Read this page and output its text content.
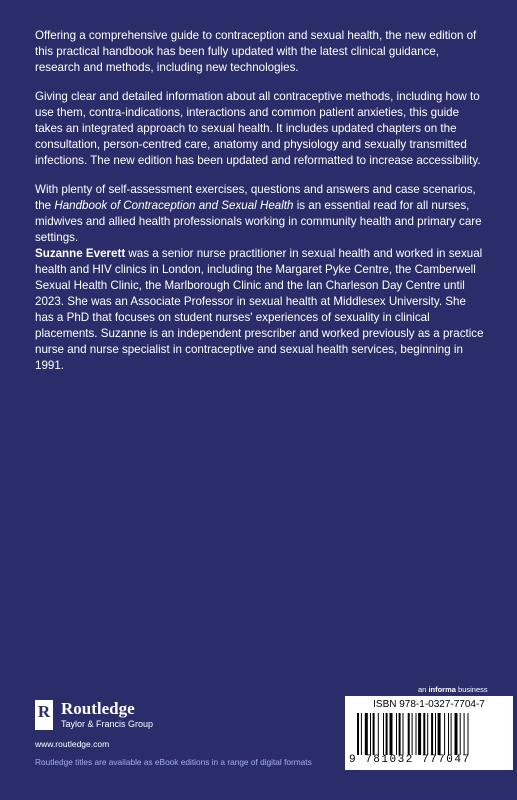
Offering a comprehensive guide to contraception and sexual health, the new edition of this practical handbook has been fully updated with the latest clinical guidance, research and methods, including new technologies.

Giving clear and detailed information about all contraceptive methods, including how to use them, contra-indications, interactions and common patient anxieties, this guide takes an integrated approach to sexual health. It includes updated chapters on the consultation, person-centred care, anatomy and physiology and sexually transmitted infections. The new edition has been updated and reformatted to increase accessibility.

With plenty of self-assessment exercises, questions and answers and case scenarios, the Handbook of Contraception and Sexual Health is an essential read for all nurses, midwives and allied health professionals working in community health and primary care settings.

Suzanne Everett was a senior nurse practitioner in sexual health and worked in sexual health and HIV clinics in London, including the Margaret Pyke Centre, the Camberwell Sexual Health Clinic, the Marlborough Clinic and the Ian Charleson Day Centre until 2023. She was an Associate Professor in sexual health at Middlesex University. She has a PhD that focuses on student nurses' experiences of sexuality in clinical placements. Suzanne is an independent prescriber and worked previously as a practice nurse and nurse specialist in contraceptive and sexual health services, beginning in 1991.

R Routledge
Taylor & Francis Group
www.routledge.com
Routledge titles are available as eBook editions in a range of digital formats
an informa business
ISBN 978-1-0327-7704-7
9 781032 777047
